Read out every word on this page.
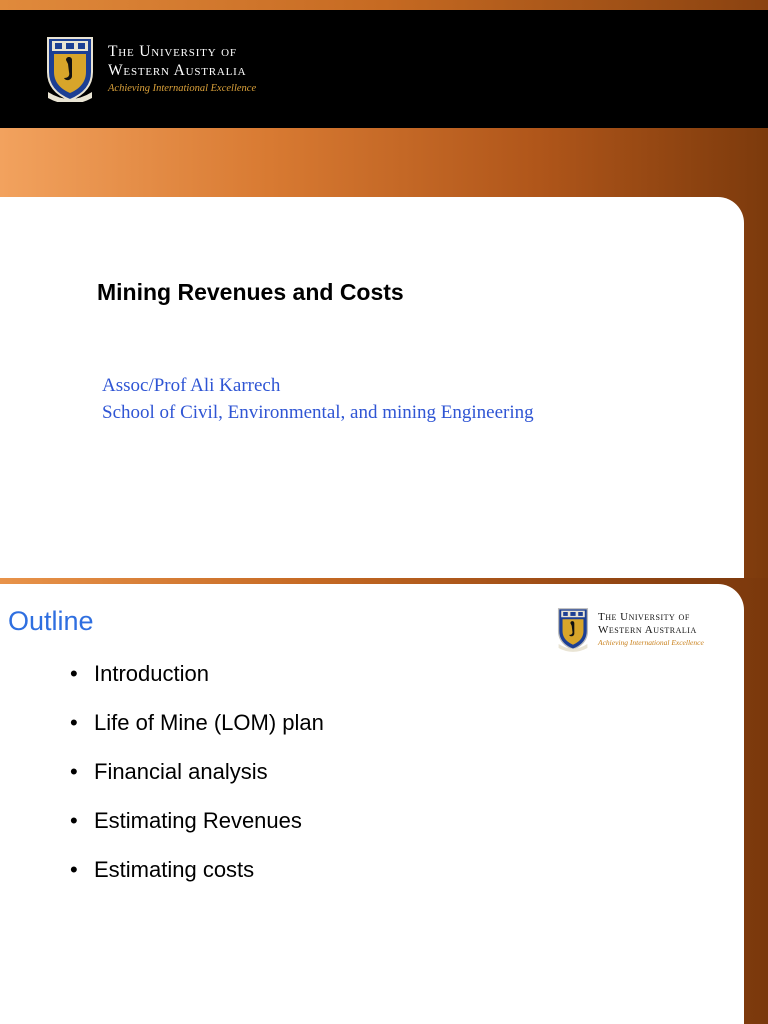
The University of
Western Australia
Achieving International Excellence
Mining Revenues and Costs
Assoc/Prof Ali Karrech
School of Civil, Environmental, and mining Engineering
Outline	The University of
Western Australia
Achieving International Excellence
• Introduction
• Life of Mine (LOM) plan
• Financial analysis
• Estimating Revenues
• Estimating costs
